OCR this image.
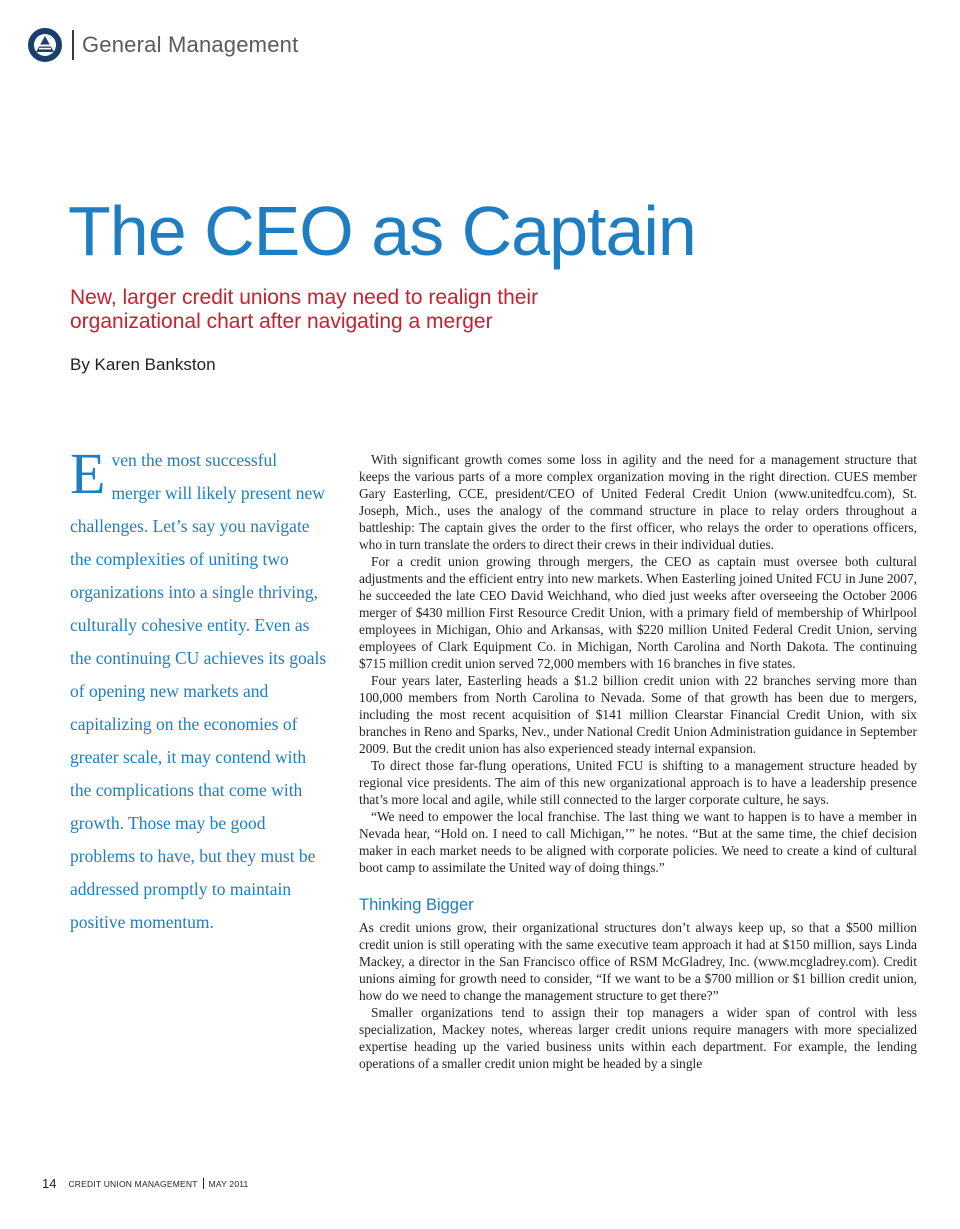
General Management
The CEO as Captain
New, larger credit unions may need to realign their organizational chart after navigating a merger
By Karen Bankston
Even the most successful merger will likely present new challenges. Let’s say you navigate the complexities of uniting two organizations into a single thriving, culturally cohesive entity. Even as the continuing CU achieves its goals of opening new markets and capitalizing on the economies of greater scale, it may contend with the complications that come with growth. Those may be good problems to have, but they must be addressed promptly to maintain positive momentum.

With significant growth comes some loss in agility and the need for a management structure that keeps the various parts of a more complex organization moving in the right direction. CUES member Gary Easterling, CCE, president/CEO of United Federal Credit Union (www.unitedfcu.com), St. Joseph, Mich., uses the analogy of the command structure in place to relay orders throughout a battleship: The captain gives the order to the first officer, who relays the order to operations officers, who in turn translate the orders to direct their crews in their individual duties.

For a credit union growing through mergers, the CEO as captain must oversee both cultural adjustments and the efficient entry into new markets. When Easterling joined United FCU in June 2007, he succeeded the late CEO David Weichhand, who died just weeks after overseeing the October 2006 merger of $430 million First Resource Credit Union, with a primary field of membership of Whirlpool employees in Michigan, Ohio and Arkansas, with $220 million United Federal Credit Union, serving employees of Clark Equipment Co. in Michigan, North Carolina and North Dakota. The continuing $715 million credit union served 72,000 members with 16 branches in five states.

Four years later, Easterling heads a $1.2 billion credit union with 22 branches serving more than 100,000 members from North Carolina to Nevada. Some of that growth has been due to mergers, including the most recent acquisition of $141 million Clearstar Financial Credit Union, with six branches in Reno and Sparks, Nev., under National Credit Union Administration guidance in September 2009. But the credit union has also experienced steady internal expansion.

To direct those far-flung operations, United FCU is shifting to a management structure headed by regional vice presidents. The aim of this new organizational approach is to have a leadership presence that’s more local and agile, while still connected to the larger corporate culture, he says.

“We need to empower the local franchise. The last thing we want to happen is to have a member in Nevada hear, “Hold on. I need to call Michigan,’” he notes. “But at the same time, the chief decision maker in each market needs to be aligned with corporate policies. We need to create a kind of cultural boot camp to assimilate the United way of doing things.”

Thinking Bigger

As credit unions grow, their organizational structures don’t always keep up, so that a $500 million credit union is still operating with the same executive team approach it had at $150 million, says Linda Mackey, a director in the San Francisco office of RSM McGladrey, Inc. (www.mcgladrey.com). Credit unions aiming for growth need to consider, “If we want to be a $700 million or $1 billion credit union, how do we need to change the management structure to get there?”

Smaller organizations tend to assign their top managers a wider span of control with less specialization, Mackey notes, whereas larger credit unions require managers with more specialized expertise heading up the varied business units within each department. For example, the lending operations of a smaller credit union might be headed by a single

14 CREDIT UNION MANAGEMENT MAY 2011
